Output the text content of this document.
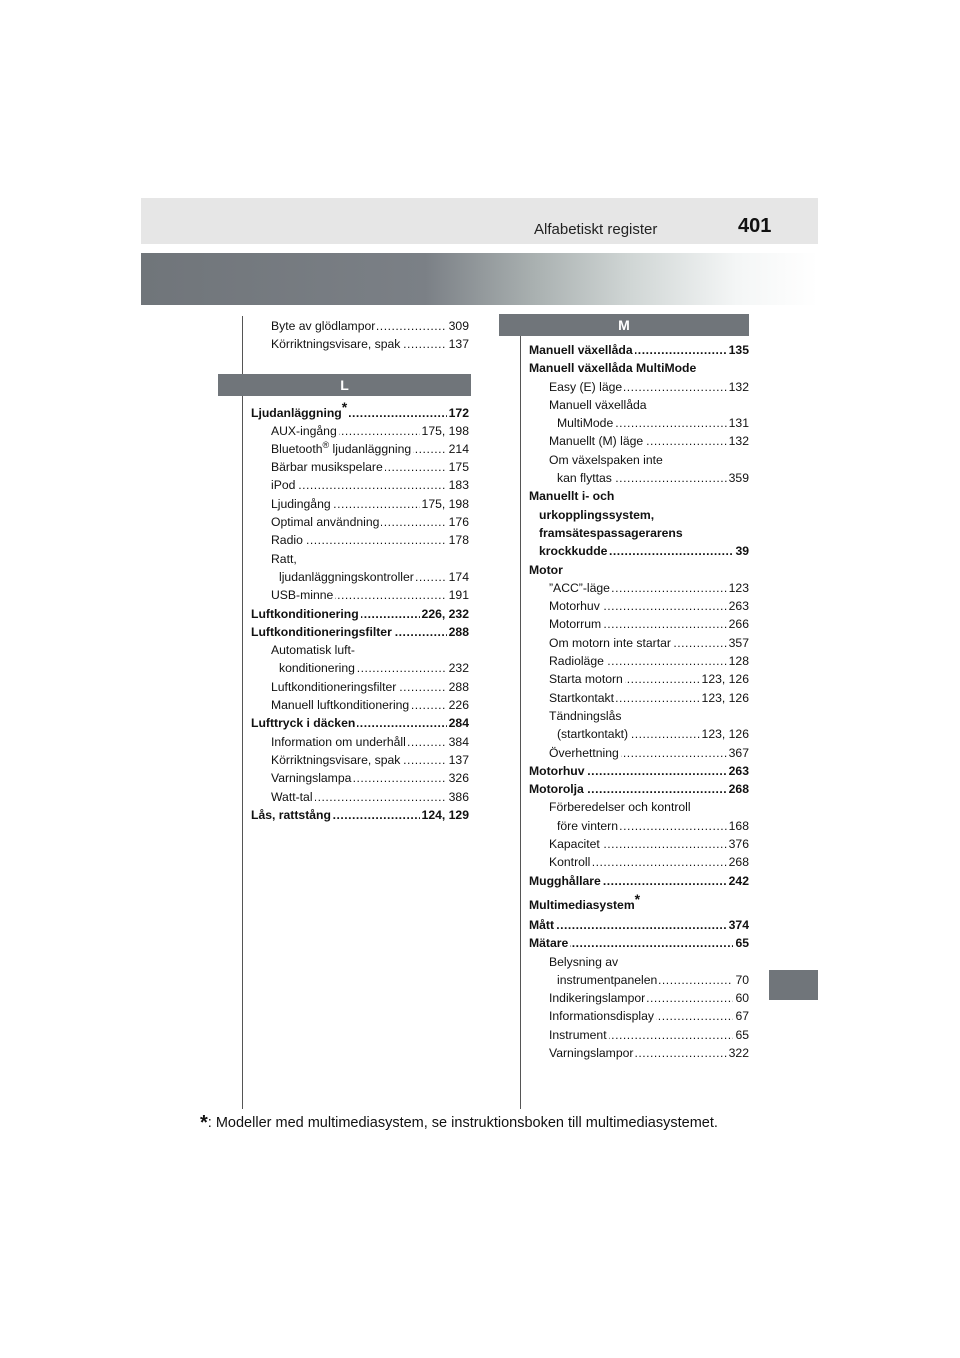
Alfabetiskt register	401
Byte av glödlampor	309
.....
Körriktningsvisare, spak	137
.....
L
Ljudanläggning*	172
.....
AUX-ingång	175, 198
.....
Bluetooth® ljudanläggning	214
.....
Bärbar musikspelare	175
.....
iPod	183
.....
Ljudingång	175, 198
.....
Optimal användning	176
.....
Radio	178
.....
Ratt,
ljudanläggningskontroller	174
.....
USB-minne	191
.....
Luftkonditionering	226, 232
.....
Luftkonditioneringsfilter	288
.....
Automatisk luft-
konditionering	232
.....
Luftkonditioneringsfilter	288
.....
Manuell luftkonditionering	226
.....
Lufttryck i däcken	284
.....
Information om underhåll	384
.....
Körriktningsvisare, spak	137
.....
Varningslampa	326
.....
Watt-tal	386
.....
Lås, rattstång	124, 129
.....
M
Manuell växellåda	135
.....
Manuell växellåda MultiMode
Easy (E) läge	132
.....
Manuell växellåda
MultiMode	131
.....
Manuellt (M) läge	132
.....
Om växelspaken inte
kan flyttas	359
.....
Manuellt i- och
urkopplingssystem,
framsätespassagerarens
krockkudde	39
.....
Motor
”ACC”-läge	123
.....
Motorhuv	263
.....
Motorrum	266
.....
Om motorn inte startar	357
.....
Radioläge	128
.....
Starta motorn	123, 126
.....
Startkontakt	123, 126
.....
Tändningslås
(startkontakt)	123, 126
.....
Överhettning	367
.....
Motorhuv	263
.....
Motorolja	268
.....
Förberedelser och kontroll
före vintern	168
.....
Kapacitet	376
.....
Kontroll	268
.....
Mugghållare	242
.....
Multimediasystem*
Mått	374
.....
Mätare	65
.....
Belysning av
instrumentpanelen	70
.....
Indikeringslampor	60
.....
Informationsdisplay	67
.....
Instrument	65
.....
Varningslampor	322
.....
*: Modeller med multimediasystem, se instruktionsboken till multimediasystemet.
